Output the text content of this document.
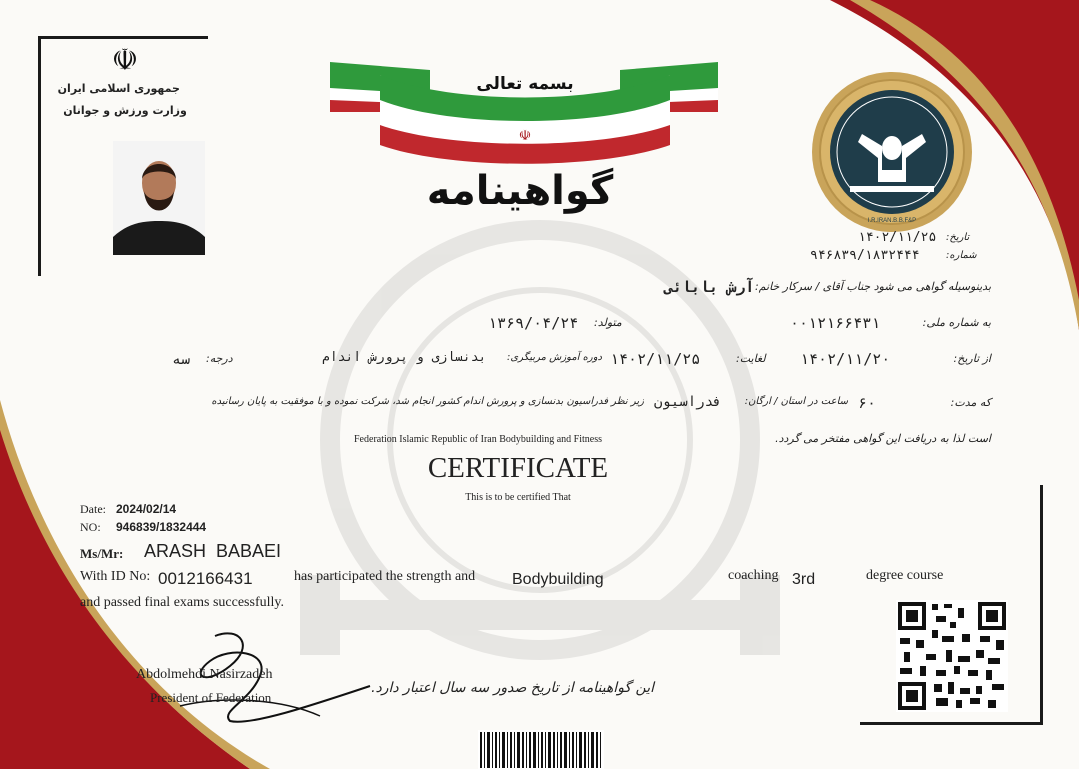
☫
☫
جمهوری اسلامی ایران
وزارت ورزش و جوانان
بسمه تعالی
گواهینامه
I.R.IRAN.B.B.F&P
تاریخ:
۱۴۰۲/۱۱/۲۵
شماره:
۹۴۶۸۳۹/۱۸۳۲۴۴۴
بدینوسیله گواهی می شود جناب آقای / سرکار خانم:
آرش بابائی
به شماره ملی:
۰۰۱۲۱۶۶۴۳۱
متولد:
۱۳۶۹/۰۴/۲۴
از تاریخ:
۱۴۰۲/۱۱/۲۰
لغایت:
۱۴۰۲/۱۱/۲۵
دوره آموزش مربیگری:
بدنسازی و پرورش اندام
درجه:
سه
که مدت:
۶۰
ساعت در استان / ارگان:
فدراسیون
زیر نظر فدراسیون بدنسازی و پرورش اندام کشور انجام شد، شرکت نموده و با موفقیت به پایان رسانیده
است لذا به دریافت این گواهی مفتخر می گردد.
Federation Islamic Republic of Iran Bodybuilding and Fitness
CERTIFICATE
This is to be certified That
Date: 2024/02/14
NO: 946839/1832444
Ms/Mr: ARASH  BABAEI
With ID No: 0012166431	has participated the strength and Bodybuilding	coaching 3rd	degree course
and passed final exams successfully.
Abdolmehdi Nasirzadeh
President of Federation
این گواهینامه از تاریخ صدور سه سال اعتبار دارد.
